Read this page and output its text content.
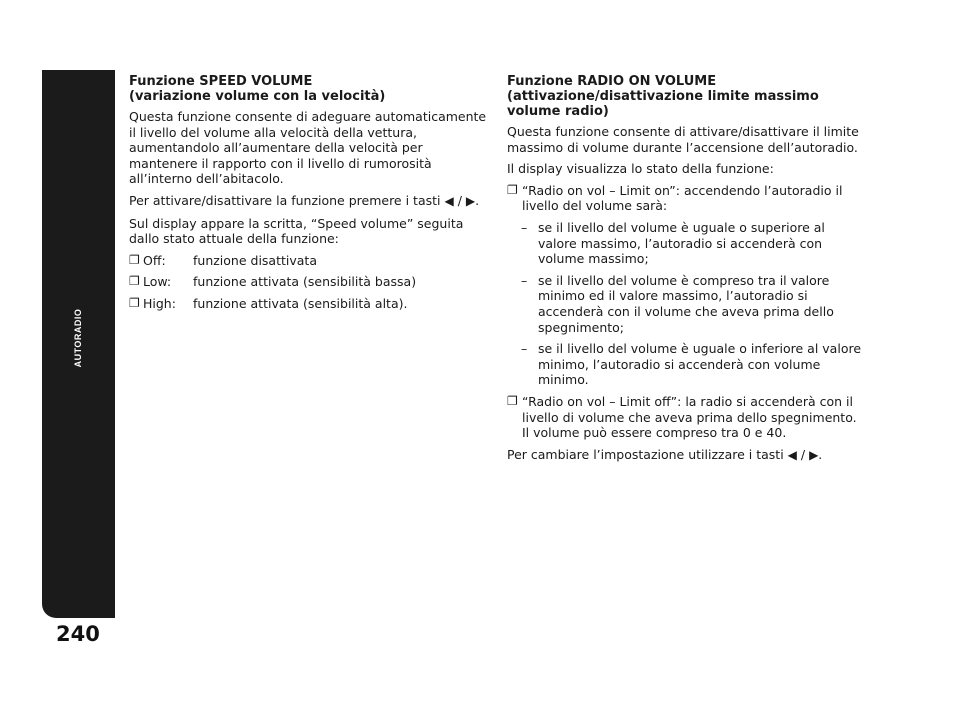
AUTORADIO
240
Funzione SPEED VOLUME
(variazione volume con la velocità)

Questa funzione consente di adeguare automaticamente il livello del volume alla velocità della vettura, aumentandolo all’aumentare della velocità per mantenere il rapporto con il livello di rumorosità all’interno dell’abitacolo.

Per attivare/disattivare la funzione premere i tasti ◀ / ▶.

Sul display appare la scritta, “Speed volume” seguita dallo stato attuale della funzione:

❐ Off:	funzione disattivata
❐ Low:	funzione attivata (sensibilità bassa)
❐ High:	funzione attivata (sensibilità alta).
Funzione RADIO ON VOLUME
(attivazione/disattivazione limite massimo volume radio)

Questa funzione consente di attivare/disattivare il limite massimo di volume durante l’accensione dell’autoradio.

Il display visualizza lo stato della funzione:

❐ “Radio on vol – Limit on”: accendendo l’autoradio il livello del volume sarà:
– se il livello del volume è uguale o superiore al valore massimo, l’autoradio si accenderà con volume massimo;
– se il livello del volume è compreso tra il valore minimo ed il valore massimo, l’autoradio si accenderà con il volume che aveva prima dello spegnimento;
– se il livello del volume è uguale o inferiore al valore minimo, l’autoradio si accenderà con volume minimo.
❐ “Radio on vol – Limit off”: la radio si accenderà con il livello di volume che aveva prima dello spegnimento. Il volume può essere compreso tra 0 e 40.

Per cambiare l’impostazione utilizzare i tasti ◀ / ▶.
